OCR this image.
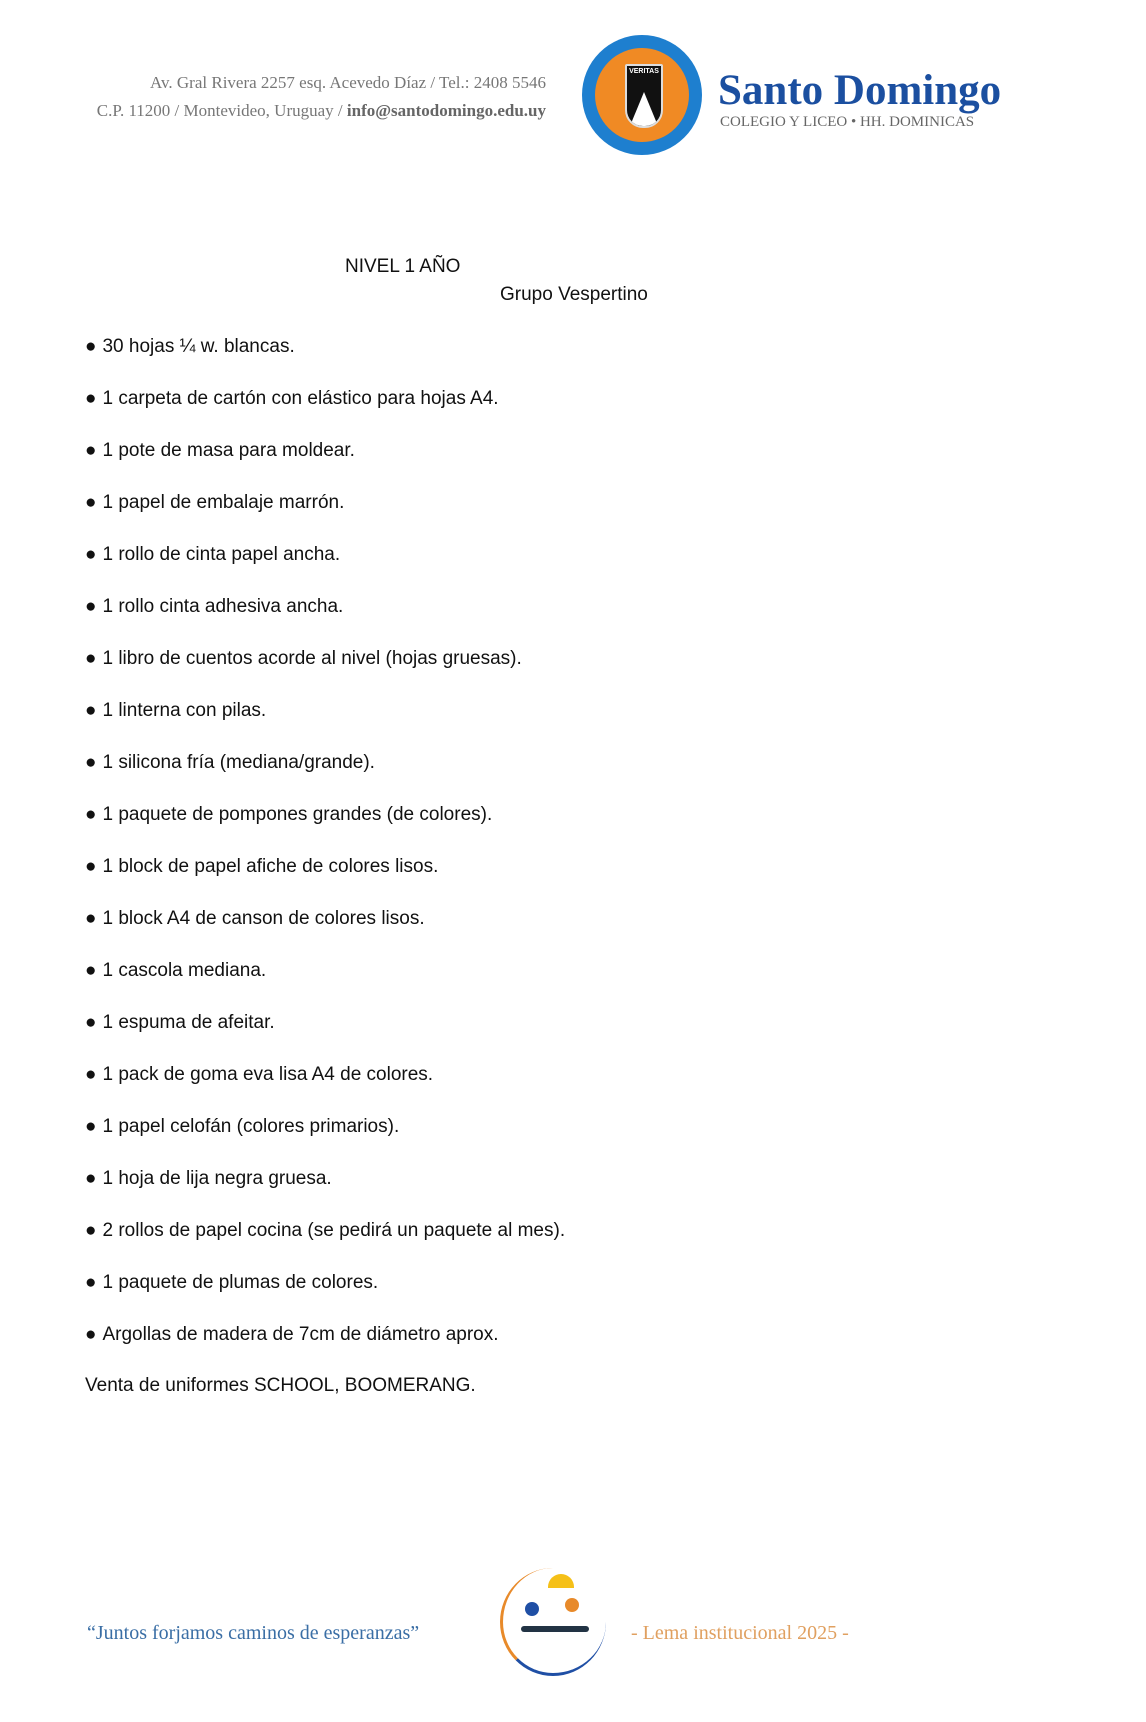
Av. Gral Rivera 2257 esq. Acevedo Díaz / Tel.: 2408 5546
C.P. 11200 / Montevideo, Uruguay / info@santodomingo.edu.uy
VERITAS Santo Domingo
COLEGIO Y LICEO • HH. DOMINICAS
NIVEL 1 AÑO
Grupo Vespertino
● 30 hojas ¼ w. blancas.
● 1 carpeta de cartón con elástico para hojas A4.
● 1 pote de masa para moldear.
● 1 papel de embalaje marrón.
● 1 rollo de cinta papel ancha.
● 1 rollo cinta adhesiva ancha.
● 1 libro de cuentos acorde al nivel (hojas gruesas).
● 1 linterna con pilas.
● 1 silicona fría (mediana/grande).
● 1 paquete de pompones grandes (de colores).
● 1 block de papel afiche de colores lisos.
● 1 block A4 de canson de colores lisos.
● 1 cascola mediana.
● 1 espuma de afeitar.
● 1 pack de goma eva lisa A4 de colores.
● 1 papel celofán (colores primarios).
● 1 hoja de lija negra gruesa.
● 2 rollos de papel cocina (se pedirá un paquete al mes).
● 1 paquete de plumas de colores.
● Argollas de madera de 7cm de diámetro aprox.
Venta de uniformes SCHOOL, BOOMERANG.
“Juntos forjamos caminos de esperanzas”	- Lema institucional 2025 -
